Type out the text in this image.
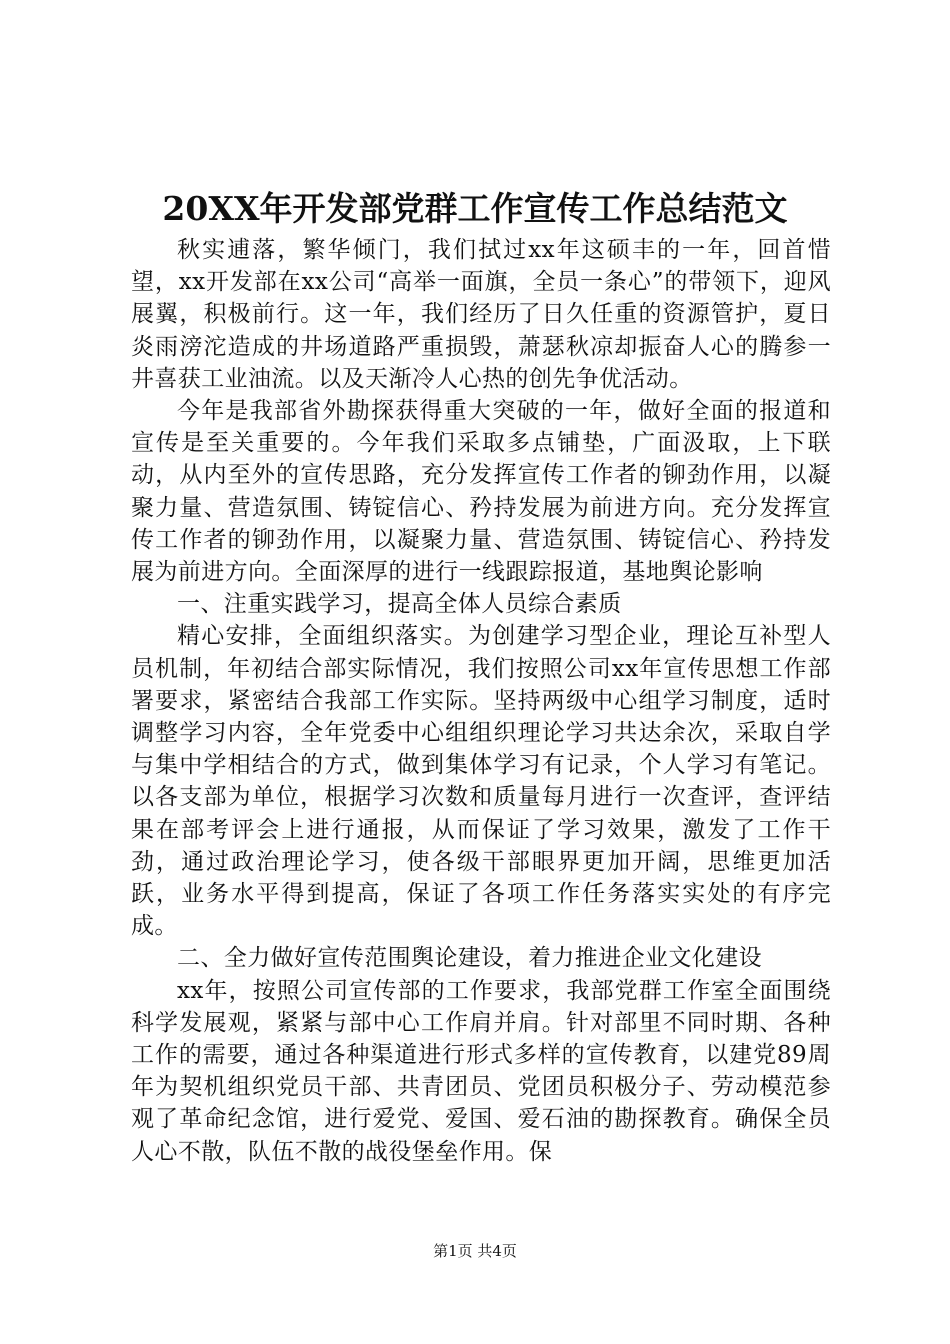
20XX年开发部党群工作宣传工作总结范文

秋实逋落，繁华倾门，我们拭过xx年这硕丰的一年，回首惜望，xx开发部在xx公司“高举一面旗，全员一条心”的带领下，迎风展翼，积极前行。这一年，我们经历了日久任重的资源管护，夏日炎雨滂沱造成的井场道路严重损毁，萧瑟秋凉却振奋人心的腾参一井喜获工业油流。以及天渐冷人心热的创先争优活动。

今年是我部省外勘探获得重大突破的一年，做好全面的报道和宣传是至关重要的。今年我们采取多点铺垫，广面汲取，上下联动，从内至外的宣传思路，充分发挥宣传工作者的铆劲作用，以凝聚力量、营造氛围、铸锭信心、矜持发展为前进方向。充分发挥宣传工作者的铆劲作用，以凝聚力量、营造氛围、铸锭信心、矜持发展为前进方向。全面深厚的进行一线跟踪报道，基地舆论影响

一、注重实践学习，提高全体人员综合素质

精心安排，全面组织落实。为创建学习型企业，理论互补型人员机制，年初结合部实际情况，我们按照公司xx年宣传思想工作部署要求，紧密结合我部工作实际。坚持两级中心组学习制度，适时调整学习内容，全年党委中心组组织理论学习共达余次，采取自学与集中学相结合的方式，做到集体学习有记录，个人学习有笔记。以各支部为单位，根据学习次数和质量每月进行一次查评，查评结果在部考评会上进行通报，从而保证了学习效果，激发了工作干劲，通过政治理论学习，使各级干部眼界更加开阔，思维更加活跃，业务水平得到提高，保证了各项工作任务落实实处的有序完成。

二、全力做好宣传范围舆论建设，着力推进企业文化建设

xx年，按照公司宣传部的工作要求，我部党群工作室全面围绕科学发展观，紧紧与部中心工作肩并肩。针对部里不同时期、各种工作的需要，通过各种渠道进行形式多样的宣传教育，以建党89周年为契机组织党员干部、共青团员、党团员积极分子、劳动模范参观了革命纪念馆，进行爱党、爱国、爱石油的勘探教育。确保全员人心不散，队伍不散的战役堡垒作用。保

第1页 共4页
